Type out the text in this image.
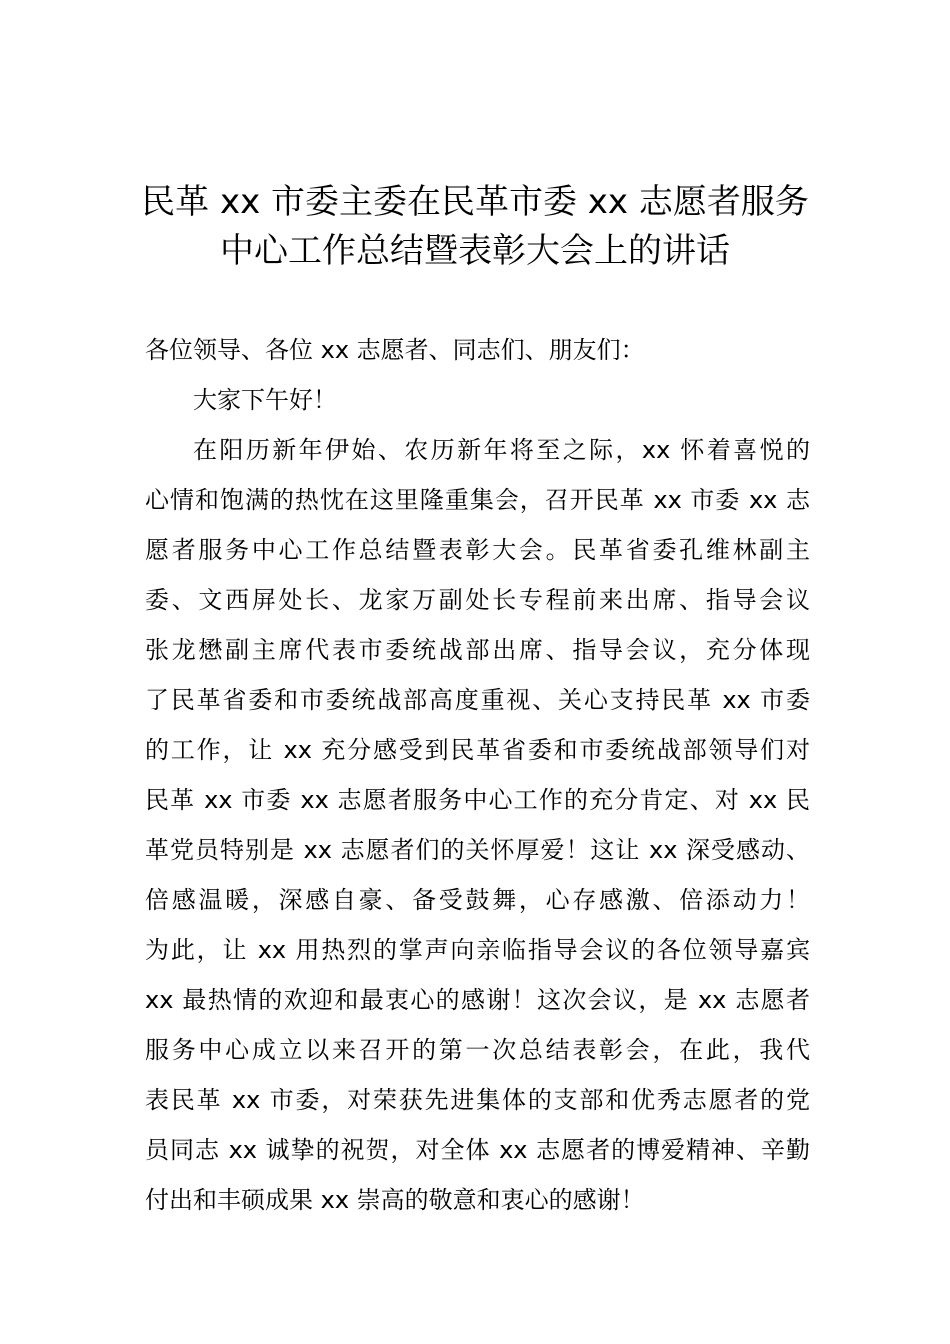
民革 xx 市委主委在民革市委 xx 志愿者服务
中心工作总结暨表彰大会上的讲话

各位领导、各位 xx 志愿者、同志们、朋友们：

大家下午好！

在阳历新年伊始、农历新年将至之际，xx 怀着喜悦的

心情和饱满的热忱在这里隆重集会，召开民革 xx 市委 xx 志

愿者服务中心工作总结暨表彰大会。民革省委孔维林副主

委、文西屏处长、龙家万副处长专程前来出席、指导会议

张龙懋副主席代表市委统战部出席、指导会议，充分体现

了民革省委和市委统战部高度重视、关心支持民革 xx 市委

的工作，让 xx 充分感受到民革省委和市委统战部领导们对

民革 xx 市委 xx 志愿者服务中心工作的充分肯定、对 xx 民

革党员特别是 xx 志愿者们的关怀厚爱！这让 xx 深受感动、

倍感温暖，深感自豪、备受鼓舞，心存感激、倍添动力！

为此，让 xx 用热烈的掌声向亲临指导会议的各位领导嘉宾

xx 最热情的欢迎和最衷心的感谢！这次会议，是 xx 志愿者

服务中心成立以来召开的第一次总结表彰会，在此，我代

表民革 xx 市委，对荣获先进集体的支部和优秀志愿者的党

员同志 xx 诚挚的祝贺，对全体 xx 志愿者的博爱精神、辛勤

付出和丰硕成果 xx 崇高的敬意和衷心的感谢！
